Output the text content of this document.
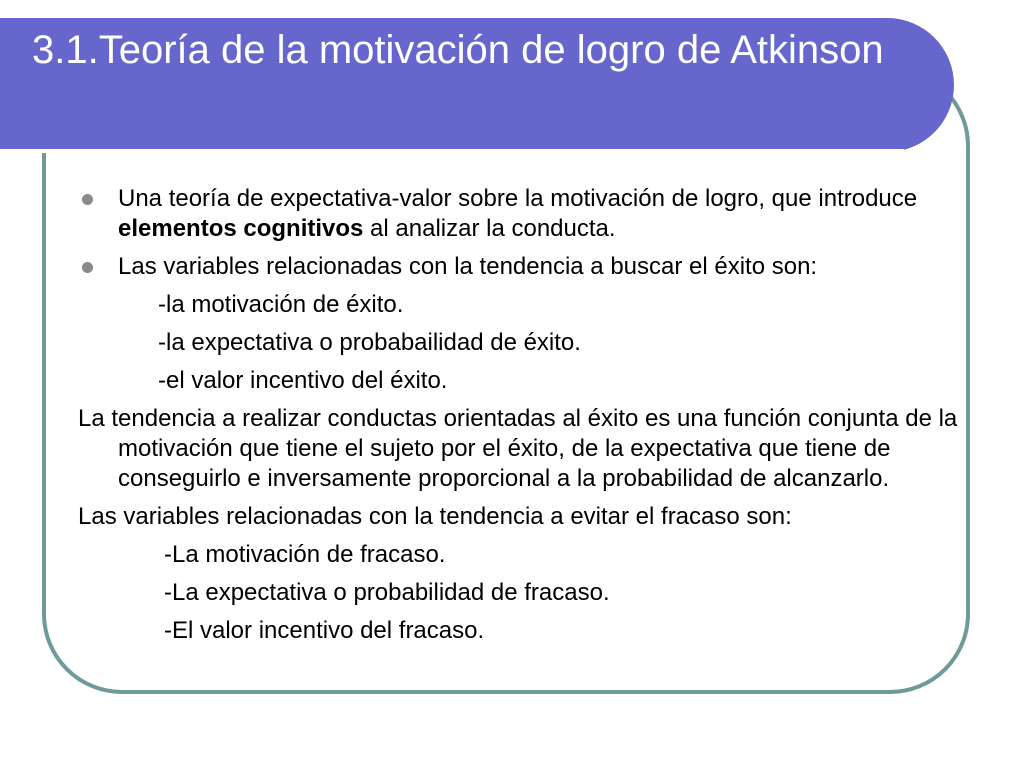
3.1.Teoría de la motivación de logro de Atkinson
Una teoría de expectativa-valor sobre la motivación de logro, que introduce elementos cognitivos al analizar la conducta.
Las variables relacionadas con la tendencia a buscar el éxito son:
-la motivación de éxito.
-la expectativa o probabailidad de éxito.
-el valor incentivo del éxito.
La tendencia a realizar conductas orientadas al éxito es una función conjunta de la motivación que tiene el sujeto por el éxito, de la expectativa que tiene de conseguirlo e inversamente proporcional a la probabilidad de alcanzarlo.
Las variables relacionadas con la tendencia a evitar el fracaso son:
-La motivación de fracaso.
-La expectativa o probabilidad de fracaso.
-El valor incentivo del fracaso.
